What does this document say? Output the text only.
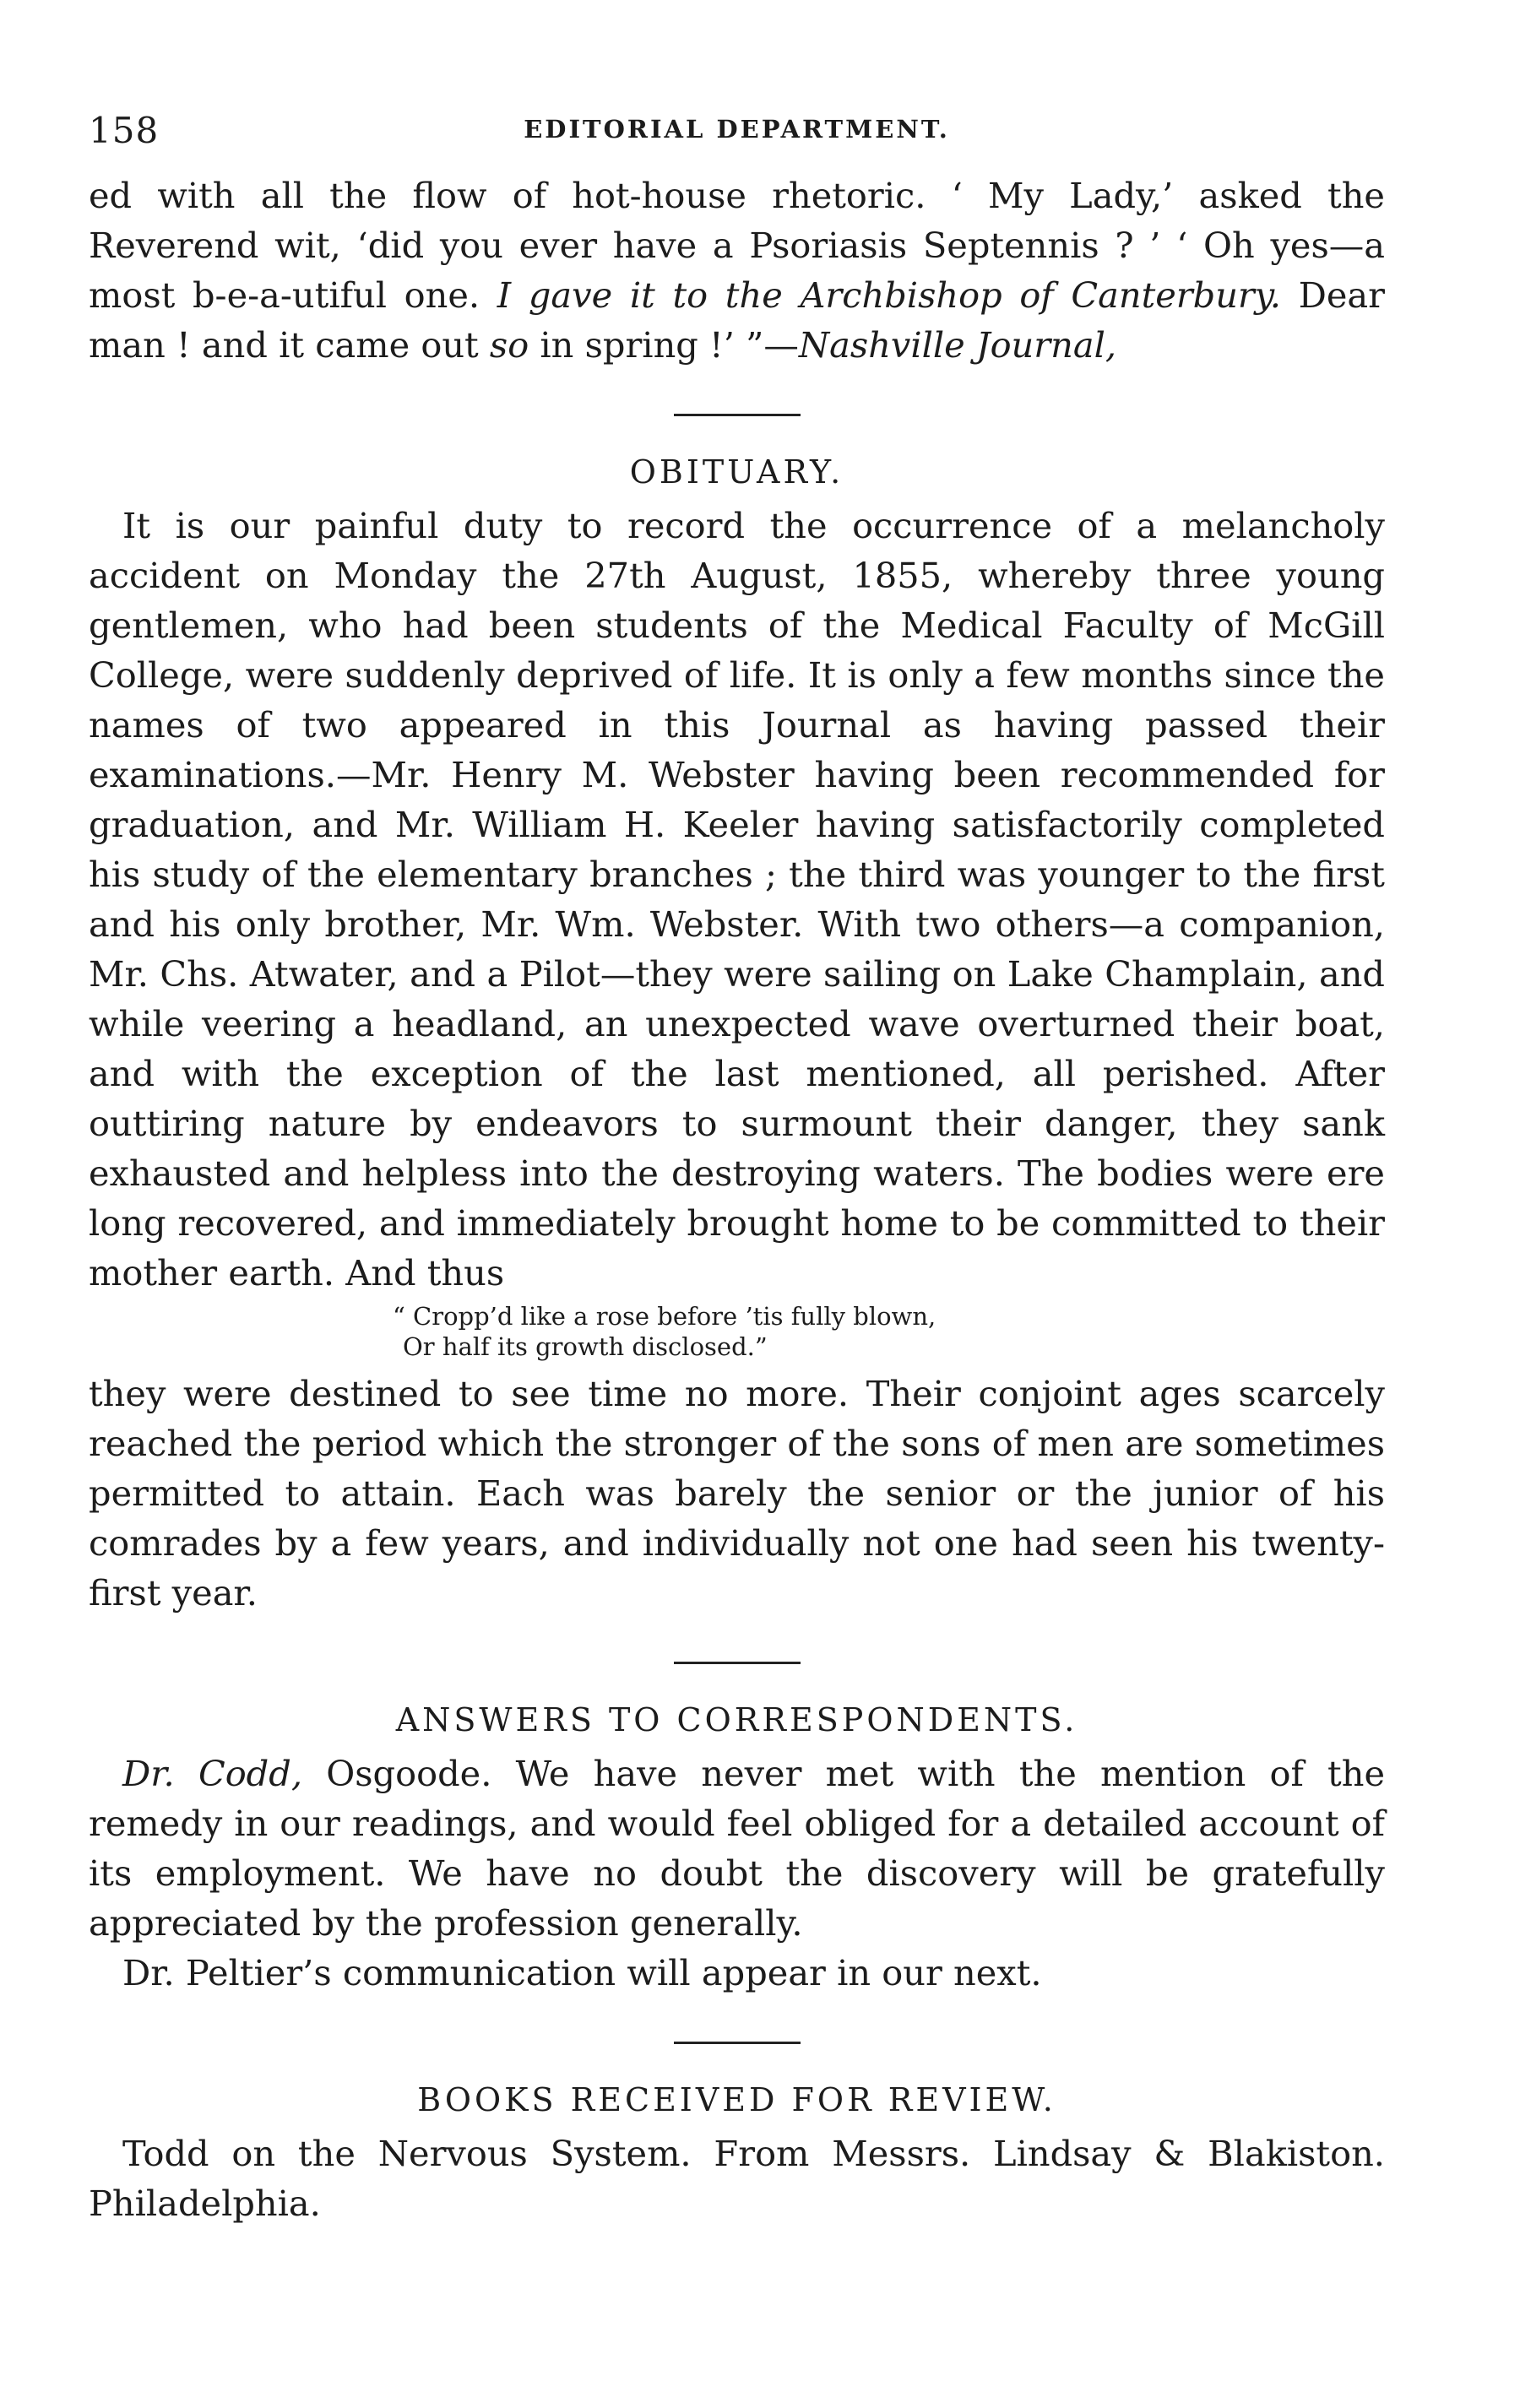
158	EDITORIAL DEPARTMENT.

ed with all the flow of hot-house rhetoric. ‘ My Lady,’ asked the Reverend wit, ‘did you ever have a Psoriasis Septennis ? ’ ‘ Oh yes—a most b-e-a-utiful one. I gave it to the Archbishop of Canterbury. Dear man ! and it came out so in spring !’ ”—Nashville Journal,

OBITUARY.

It is our painful duty to record the occurrence of a melancholy accident on Monday the 27th August, 1855, whereby three young gentlemen, who had been students of the Medical Faculty of McGill College, were suddenly deprived of life. It is only a few months since the names of two appeared in this Journal as having passed their examinations.—Mr. Henry M. Webster having been recommended for graduation, and Mr. William H. Keeler having satisfactorily completed his study of the elementary branches ; the third was younger to the first and his only brother, Mr. Wm. Webster. With two others—a companion, Mr. Chs. Atwater, and a Pilot—they were sailing on Lake Champlain, and while veering a headland, an unexpected wave overturned their boat, and with the exception of the last mentioned, all perished. After outtiring nature by endeavors to surmount their danger, they sank exhausted and helpless into the destroying waters. The bodies were ere long recovered, and immediately brought home to be committed to their mother earth. And thus

“ Cropp’d like a rose before ’tis fully blown,
Or half its growth disclosed.”

they were destined to see time no more. Their conjoint ages scarcely reached the period which the stronger of the sons of men are sometimes permitted to attain. Each was barely the senior or the junior of his comrades by a few years, and individually not one had seen his twenty-first year.

ANSWERS TO CORRESPONDENTS.

Dr. Codd, Osgoode. We have never met with the mention of the remedy in our readings, and would feel obliged for a detailed account of its employment. We have no doubt the discovery will be gratefully appreciated by the profession generally.

Dr. Peltier’s communication will appear in our next.

BOOKS RECEIVED FOR REVIEW.

Todd on the Nervous System. From Messrs. Lindsay & Blakiston. Philadelphia.
